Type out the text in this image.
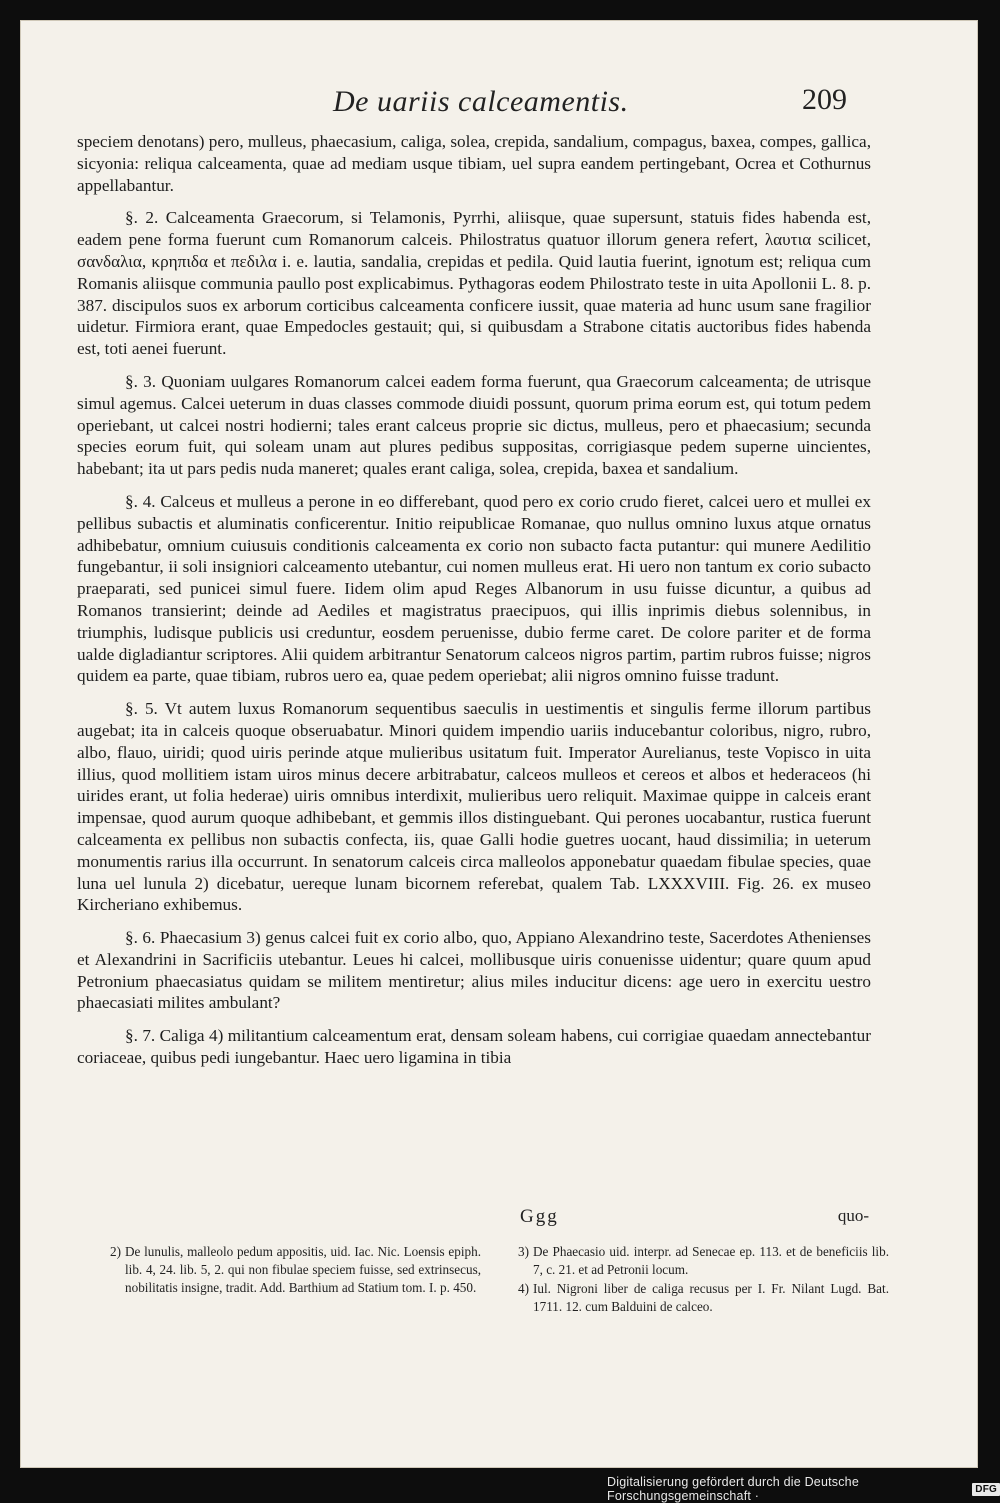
De uariis calceamentis.	209

speciem denotans) pero, mulleus, phaecasium, caliga, solea, crepida, sandalium, compagus, baxea, compes, gallica, sicyonia: reliqua calceamenta, quae ad mediam usque tibiam, uel supra eandem pertingebant, Ocrea et Cothurnus appellabantur.

§. 2. Calceamenta Graecorum, si Telamonis, Pyrrhi, aliisque, quae supersunt, statuis fides habenda est, eadem pene forma fuerunt cum Romanorum calceis. Philostratus quatuor illorum genera refert, λαυτια scilicet, σανδαλια, κρηπιδα et πεδιλα i. e. lautia, sandalia, crepidas et pedila. Quid lautia fuerint, ignotum est; reliqua cum Romanis aliisque communia paullo post explicabimus. Pythagoras eodem Philostrato teste in uita Apollonii L. 8. p. 387. discipulos suos ex arborum corticibus calceamenta conficere iussit, quae materia ad hunc usum sane fragilior uidetur. Firmiora erant, quae Empedocles gestauit; qui, si quibusdam a Strabone citatis auctoribus fides habenda est, toti aenei fuerunt.

§. 3. Quoniam uulgares Romanorum calcei eadem forma fuerunt, qua Graecorum calceamenta; de utrisque simul agemus. Calcei ueterum in duas classes commode diuidi possunt, quorum prima eorum est, qui totum pedem operiebant, ut calcei nostri hodierni; tales erant calceus proprie sic dictus, mulleus, pero et phaecasium; secunda species eorum fuit, qui soleam unam aut plures pedibus suppositas, corrigiasque pedem superne uincientes, habebant; ita ut pars pedis nuda maneret; quales erant caliga, solea, crepida, baxea et sandalium.

§. 4. Calceus et mulleus a perone in eo differebant, quod pero ex corio crudo fieret, calcei uero et mullei ex pellibus subactis et aluminatis conficerentur. Initio reipublicae Romanae, quo nullus omnino luxus atque ornatus adhibebatur, omnium cuiusuis conditionis calceamenta ex corio non subacto facta putantur: qui munere Aedilitio fungebantur, ii soli insigniori calceamento utebantur, cui nomen mulleus erat. Hi uero non tantum ex corio subacto praeparati, sed punicei simul fuere. Iidem olim apud Reges Albanorum in usu fuisse dicuntur, a quibus ad Romanos transierint; deinde ad Aediles et magistratus praecipuos, qui illis inprimis diebus solennibus, in triumphis, ludisque publicis usi creduntur, eosdem peruenisse, dubio ferme caret. De colore pariter et de forma ualde digladiantur scriptores. Alii quidem arbitrantur Senatorum calceos nigros partim, partim rubros fuisse; nigros quidem ea parte, quae tibiam, rubros uero ea, quae pedem operiebat; alii nigros omnino fuisse tradunt.

§. 5. Vt autem luxus Romanorum sequentibus saeculis in uestimentis et singulis ferme illorum partibus augebat; ita in calceis quoque obseruabatur. Minori quidem impendio uariis inducebantur coloribus, nigro, rubro, albo, flauo, uiridi; quod uiris perinde atque mulieribus usitatum fuit. Imperator Aurelianus, teste Vopisco in uita illius, quod mollitiem istam uiros minus decere arbitrabatur, calceos mulleos et cereos et albos et hederaceos (hi uirides erant, ut folia hederae) uiris omnibus interdixit, mulieribus uero reliquit. Maximae quippe in calceis erant impensae, quod aurum quoque adhibebant, et gemmis illos distinguebant. Qui perones uocabantur, rustica fuerunt calceamenta ex pellibus non subactis confecta, iis, quae Galli hodie guetres uocant, haud dissimilia; in ueterum monumentis rarius illa occurrunt. In senatorum calceis circa malleolos apponebatur quaedam fibulae species, quae luna uel lunula 2) dicebatur, uereque lunam bicornem referebat, qualem Tab. LXXXVIII. Fig. 26. ex museo Kircheriano exhibemus.

§. 6. Phaecasium 3) genus calcei fuit ex corio albo, quo, Appiano Alexandrino teste, Sacerdotes Athenienses et Alexandrini in Sacrificiis utebantur. Leues hi calcei, mollibusque uiris conuenisse uidentur; quare quum apud Petronium phaecasiatus quidam se militem mentiretur; alius miles inducitur dicens: age uero in exercitu uestro phaecasiati milites ambulant?

§. 7. Caliga 4) militantium calceamentum erat, densam soleam habens, cui corrigiae quaedam annectebantur coriaceae, quibus pedi iungebantur. Haec uero ligamina in tibia

Ggg	quo-
2) De lunulis, malleolo pedum appositis, uid. Iac. Nic. Loensis epiph. lib. 4, 24. lib. 5, 2. qui non fibulae speciem fuisse, sed extrinsecus, nobilitatis insigne, tradit. Add. Barthium ad Statium tom. I. p. 450.
3) De Phaecasio uid. interpr. ad Senecae ep. 113. et de beneficiis lib. 7, c. 21. et ad Petronii locum.
4) Iul. Nigroni liber de caliga recusus per I. Fr. Nilant Lugd. Bat. 1711. 12. cum Balduini de calceo.
Digitalisierung gefördert durch die Deutsche Forschungsgemeinschaft ·	DFG
